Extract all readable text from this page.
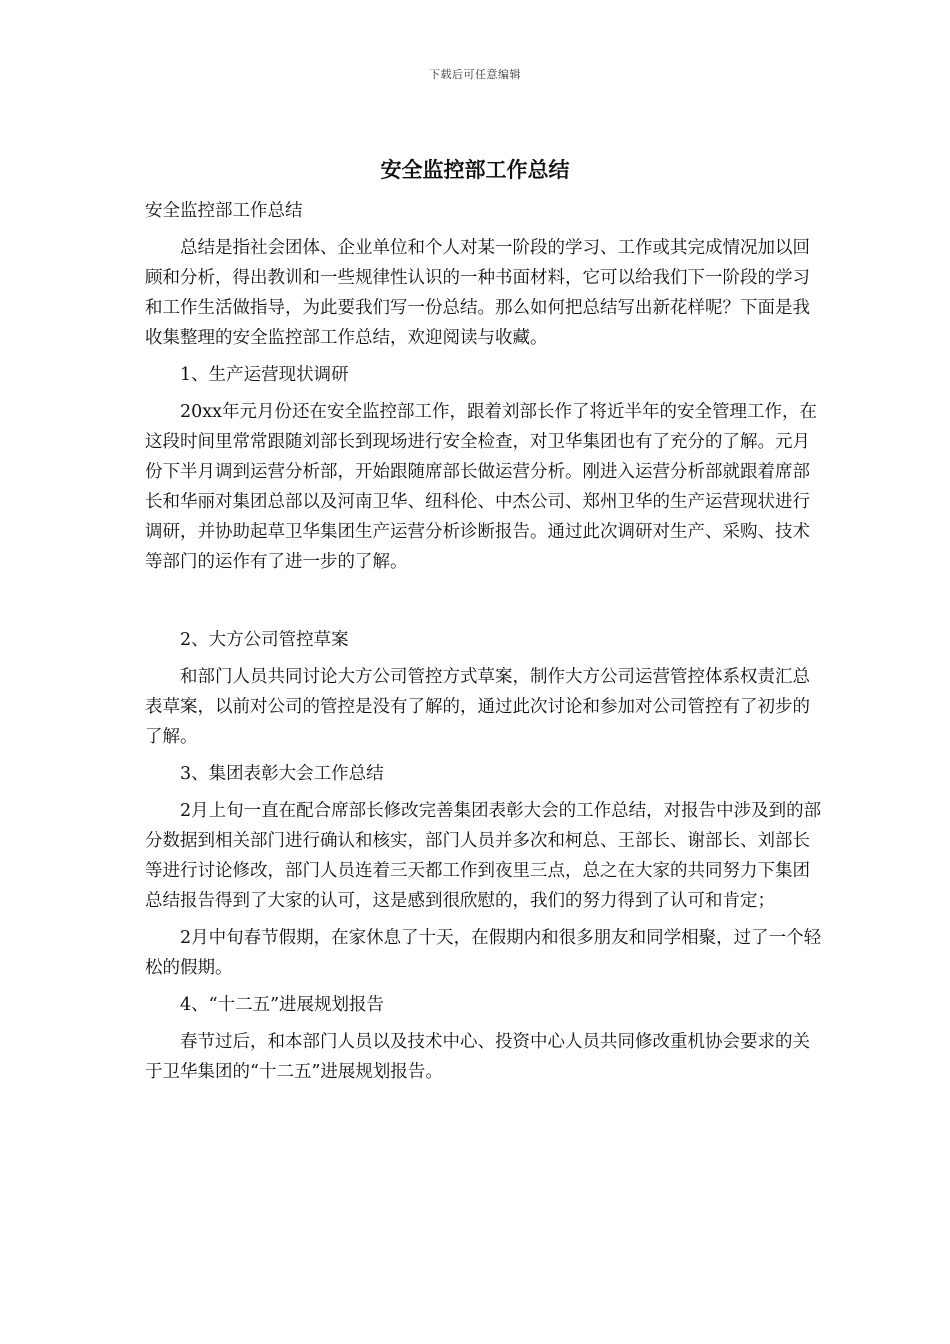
下载后可任意编辑
安全监控部工作总结

安全监控部工作总结

总结是指社会团体、企业单位和个人对某一阶段的学习、工作或其完成情况加以回顾和分析，得出教训和一些规律性认识的一种书面材料，它可以给我们下一阶段的学习和工作生活做指导，为此要我们写一份总结。那么如何把总结写出新花样呢？下面是我收集整理的安全监控部工作总结，欢迎阅读与收藏。

1、生产运营现状调研

20xx年元月份还在安全监控部工作，跟着刘部长作了将近半年的安全管理工作，在这段时间里常常跟随刘部长到现场进行安全检查，对卫华集团也有了充分的了解。元月份下半月调到运营分析部，开始跟随席部长做运营分析。刚进入运营分析部就跟着席部长和华丽对集团总部以及河南卫华、纽科伦、中杰公司、郑州卫华的生产运营现状进行调研，并协助起草卫华集团生产运营分析诊断报告。通过此次调研对生产、采购、技术等部门的运作有了进一步的了解。

2、大方公司管控草案

和部门人员共同讨论大方公司管控方式草案，制作大方公司运营管控体系权责汇总表草案，以前对公司的管控是没有了解的，通过此次讨论和参加对公司管控有了初步的了解。

3、集团表彰大会工作总结

2月上旬一直在配合席部长修改完善集团表彰大会的工作总结，对报告中涉及到的部分数据到相关部门进行确认和核实，部门人员并多次和柯总、王部长、谢部长、刘部长等进行讨论修改，部门人员连着三天都工作到夜里三点，总之在大家的共同努力下集团总结报告得到了大家的认可，这是感到很欣慰的，我们的努力得到了认可和肯定；

2月中旬春节假期，在家休息了十天，在假期内和很多朋友和同学相聚，过了一个轻松的假期。

4、“十二五”进展规划报告

春节过后，和本部门人员以及技术中心、投资中心人员共同修改重机协会要求的关于卫华集团的“十二五”进展规划报告。
